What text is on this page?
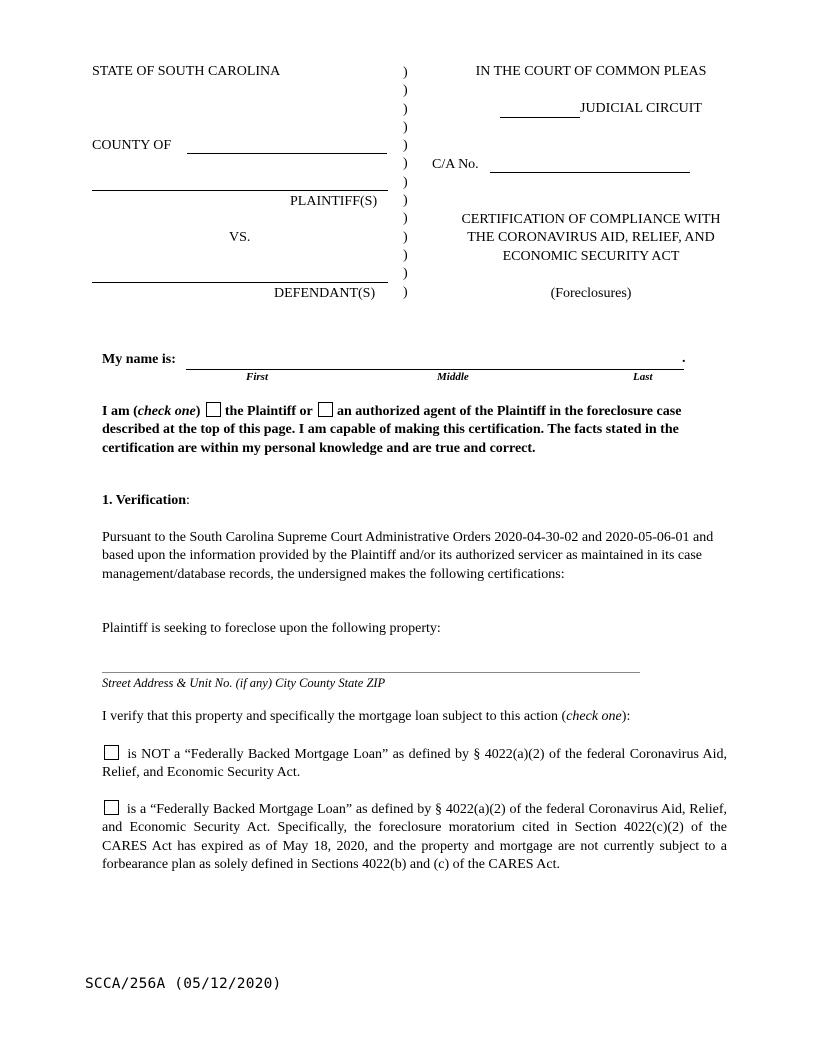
STATE OF SOUTH CAROLINA
COUNTY OF
PLAINTIFF(S)
VS.
DEFENDANT(S)
)
)
)
)
)
)
)
)
)
)
)
)
)
IN THE COURT OF COMMON PLEAS
JUDICIAL CIRCUIT
C/A No.
CERTIFICATION OF COMPLIANCE WITH
THE CORONAVIRUS AID, RELIEF, AND
ECONOMIC SECURITY ACT
(Foreclosures)
My name is:	.
First	Middle	Last
I am (check one) the Plaintiff or an authorized agent of the Plaintiff in the foreclosure case described at the top of this page. I am capable of making this certification. The facts stated in the certification are within my personal knowledge and are true and correct.
1. Verification:
Pursuant to the South Carolina Supreme Court Administrative Orders 2020-04-30-02 and 2020-05-06-01 and based upon the information provided by the Plaintiff and/or its authorized servicer as maintained in its case management/database records, the undersigned makes the following certifications:
Plaintiff is seeking to foreclose upon the following property:
Street Address & Unit No. (if any) City County State ZIP
I verify that this property and specifically the mortgage loan subject to this action (check one):
is NOT a “Federally Backed Mortgage Loan” as defined by § 4022(a)(2) of the federal Coronavirus Aid, Relief, and Economic Security Act.
is a “Federally Backed Mortgage Loan” as defined by § 4022(a)(2) of the federal Coronavirus Aid, Relief, and Economic Security Act. Specifically, the foreclosure moratorium cited in Section 4022(c)(2) of the CARES Act has expired as of May 18, 2020, and the property and mortgage are not currently subject to a forbearance plan as solely defined in Sections 4022(b) and (c) of the CARES Act.
SCCA/256A (05/12/2020)
